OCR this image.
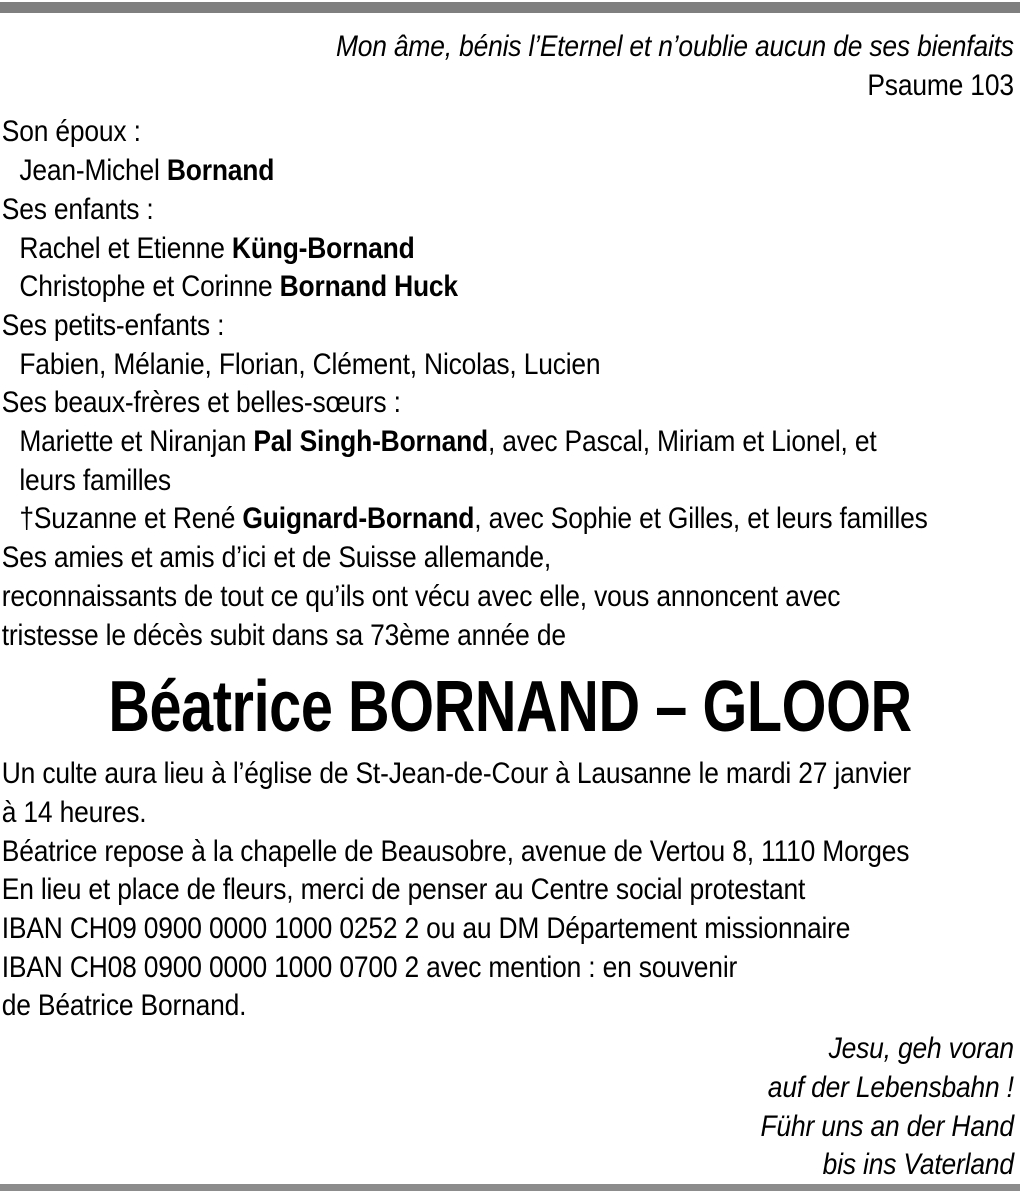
Mon âme, bénis l’Eternel et n’oublie aucun de ses bienfaits
Psaume 103
Son époux :
Jean-Michel Bornand
Ses enfants :
Rachel et Etienne Küng-Bornand
Christophe et Corinne Bornand Huck
Ses petits-enfants :
Fabien, Mélanie, Florian, Clément, Nicolas, Lucien
Ses beaux-frères et belles-sœurs :
Mariette et Niranjan Pal Singh-Bornand, avec Pascal, Miriam et Lionel, et
leurs familles
†Suzanne et René Guignard-Bornand, avec Sophie et Gilles, et leurs familles
Ses amies et amis d’ici et de Suisse allemande,
reconnaissants de tout ce qu’ils ont vécu avec elle, vous annoncent avec
tristesse le décès subit dans sa 73ème année de
Béatrice BORNAND – GLOOR
Un culte aura lieu à l’église de St-Jean-de-Cour à Lausanne le mardi 27 janvier
à 14 heures.
Béatrice repose à la chapelle de Beausobre, avenue de Vertou 8, 1110 Morges
En lieu et place de fleurs, merci de penser au Centre social protestant
IBAN CH09 0900 0000 1000 0252 2 ou au DM Département missionnaire
IBAN CH08 0900 0000 1000 0700 2 avec mention : en souvenir
de Béatrice Bornand.
Jesu, geh voran
auf der Lebensbahn !
Führ uns an der Hand
bis ins Vaterland
